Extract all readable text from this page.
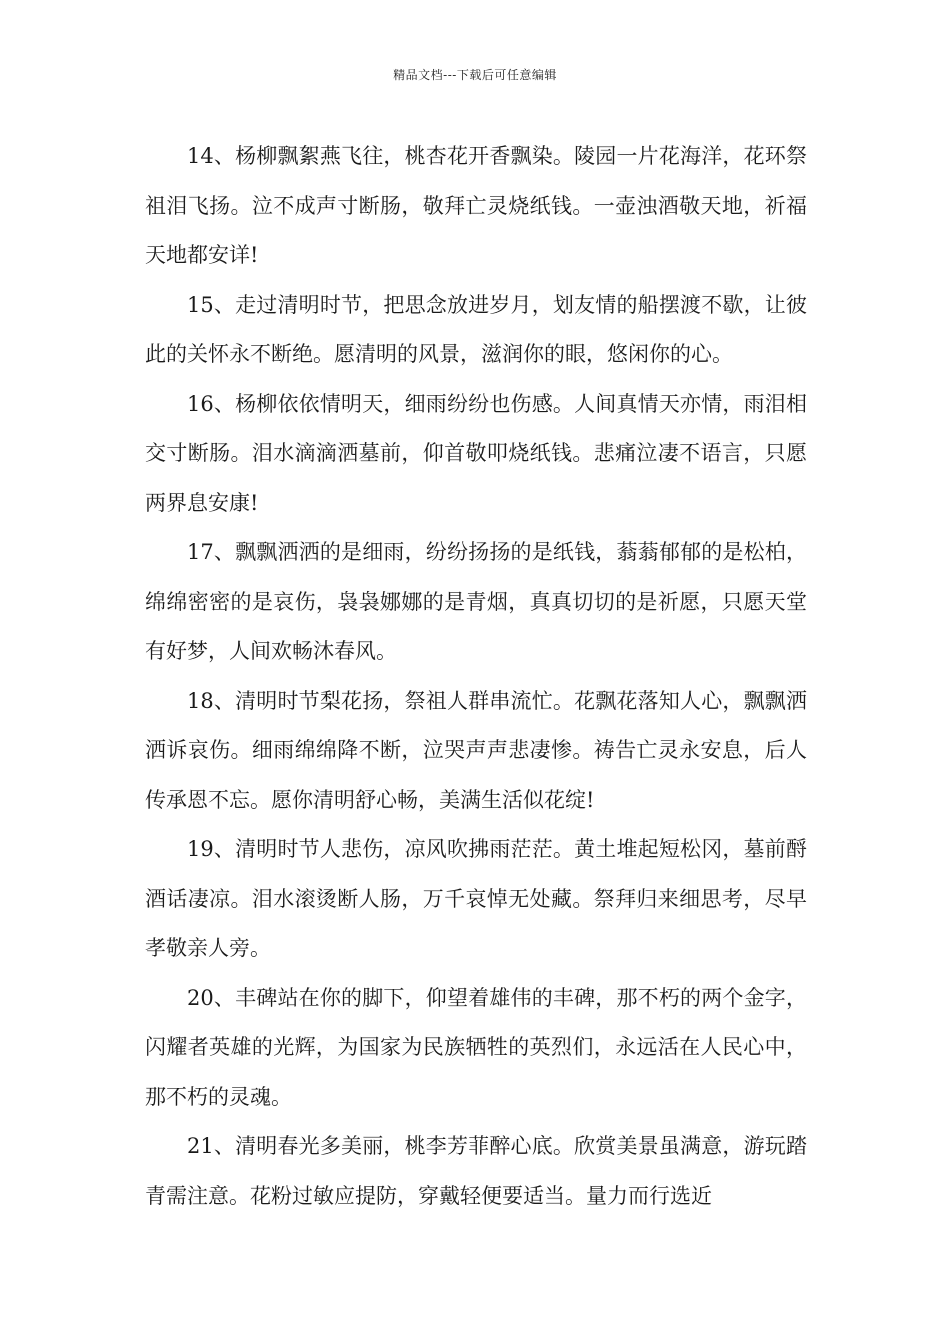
精品文档---下载后可任意编辑

14、杨柳飘絮燕飞往，桃杏花开香飘染。陵园一片花海洋，花环祭祖泪飞扬。泣不成声寸断肠，敬拜亡灵烧纸钱。一壶浊酒敬天地，祈福天地都安详!

15、走过清明时节，把思念放进岁月，划友情的船摆渡不歇，让彼此的关怀永不断绝。愿清明的风景，滋润你的眼，悠闲你的心。

16、杨柳依依情明天，细雨纷纷也伤感。人间真情天亦情，雨泪相交寸断肠。泪水滴滴洒墓前，仰首敬叩烧纸钱。悲痛泣凄不语言，只愿两界息安康!

17、飘飘洒洒的是细雨，纷纷扬扬的是纸钱，蓊蓊郁郁的是松柏，绵绵密密的是哀伤，袅袅娜娜的是青烟，真真切切的是祈愿，只愿天堂有好梦，人间欢畅沐春风。

18、清明时节梨花扬，祭祖人群串流忙。花飘花落知人心，飘飘洒洒诉哀伤。细雨绵绵降不断，泣哭声声悲凄惨。祷告亡灵永安息，后人传承恩不忘。愿你清明舒心畅，美满生活似花绽!

19、清明时节人悲伤，凉风吹拂雨茫茫。黄土堆起短松冈，墓前酹酒话凄凉。泪水滚烫断人肠，万千哀悼无处藏。祭拜归来细思考，尽早孝敬亲人旁。

20、丰碑站在你的脚下，仰望着雄伟的丰碑，那不朽的两个金字，闪耀者英雄的光辉，为国家为民族牺牲的英烈们，永远活在人民心中，那不朽的灵魂。

21、清明春光多美丽，桃李芳菲醉心底。欣赏美景虽满意，游玩踏青需注意。花粉过敏应提防，穿戴轻便要适当。量力而行选近
